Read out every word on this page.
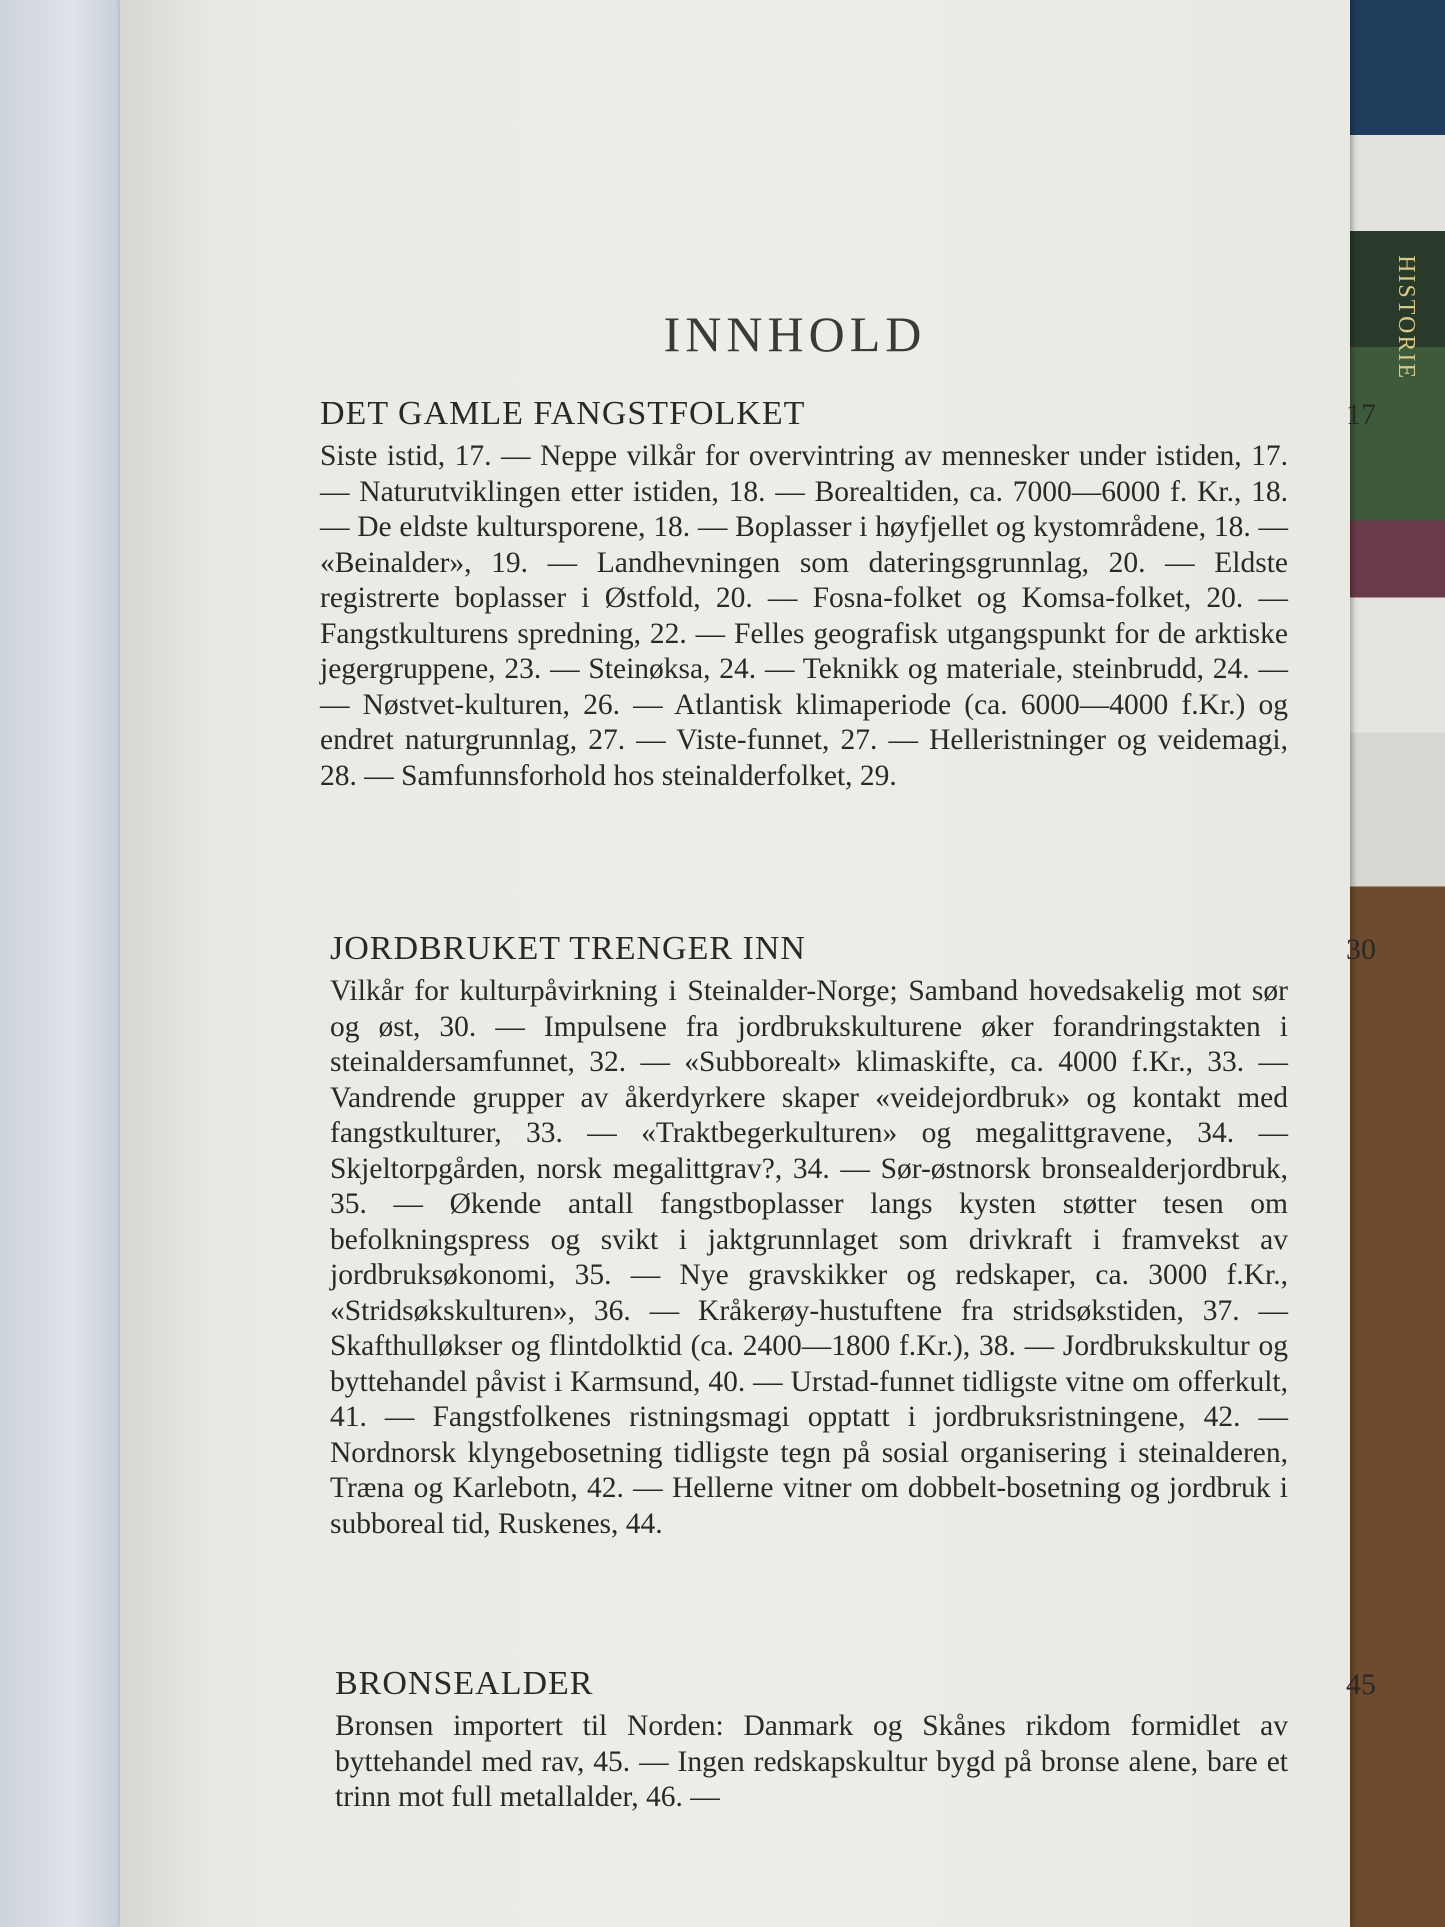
HISTORIE
INNHOLD
DET GAMLE FANGSTFOLKET	17
Siste istid, 17. — Neppe vilkår for overvintring av mennesker under istiden, 17. — Naturutviklingen etter istiden, 18. — Borealtiden, ca. 7000—6000 f. Kr., 18. — De eldste kultursporene, 18. — Boplasser i høyfjellet og kystområdene, 18. — «Beinalder», 19. — Landhevningen som dateringsgrunnlag, 20. — Eldste registrerte boplasser i Østfold, 20. — Fosna-folket og Komsa-folket, 20. — Fangstkulturens spredning, 22. — Felles geografisk utgangspunkt for de arktiske jegergruppene, 23. — Steinøksa, 24. — Teknikk og materiale, steinbrudd, 24. — — Nøstvet-kulturen, 26. — Atlantisk klimaperiode (ca. 6000—4000 f.Kr.) og endret naturgrunnlag, 27. — Viste-funnet, 27. — Helleristninger og veidemagi, 28. — Samfunnsforhold hos steinalderfolket, 29.
JORDBRUKET TRENGER INN	30
Vilkår for kulturpåvirkning i Steinalder-Norge; Samband hovedsakelig mot sør og øst, 30. — Impulsene fra jordbrukskulturene øker forandringstakten i steinaldersamfunnet, 32. — «Subborealt» klimaskifte, ca. 4000 f.Kr., 33. — Vandrende grupper av åkerdyrkere skaper «veidejordbruk» og kontakt med fangstkulturer, 33. — «Traktbegerkulturen» og megalittgravene, 34. — Skjeltorpgården, norsk megalittgrav?, 34. — Sør-østnorsk bronsealderjordbruk, 35. — Økende antall fangstboplasser langs kysten støtter tesen om befolkningspress og svikt i jaktgrunnlaget som drivkraft i framvekst av jordbruksøkonomi, 35. — Nye gravskikker og redskaper, ca. 3000 f.Kr., «Stridsøkskulturen», 36. — Kråkerøy-hustuftene fra stridsøkstiden, 37. — Skafthulløkser og flintdolktid (ca. 2400—1800 f.Kr.), 38. — Jordbrukskultur og byttehandel påvist i Karmsund, 40. — Urstad-funnet tidligste vitne om offerkult, 41. — Fangstfolkenes ristningsmagi opptatt i jordbruksristningene, 42. — Nordnorsk klyngebosetning tidligste tegn på sosial organisering i steinalderen, Træna og Karlebotn, 42. — Hellerne vitner om dobbelt-bosetning og jordbruk i subboreal tid, Ruskenes, 44.
BRONSEALDER	45
Bronsen importert til Norden: Danmark og Skånes rikdom formidlet av byttehandel med rav, 45. — Ingen redskapskultur bygd på bronse alene, bare et trinn mot full metallalder, 46. —
